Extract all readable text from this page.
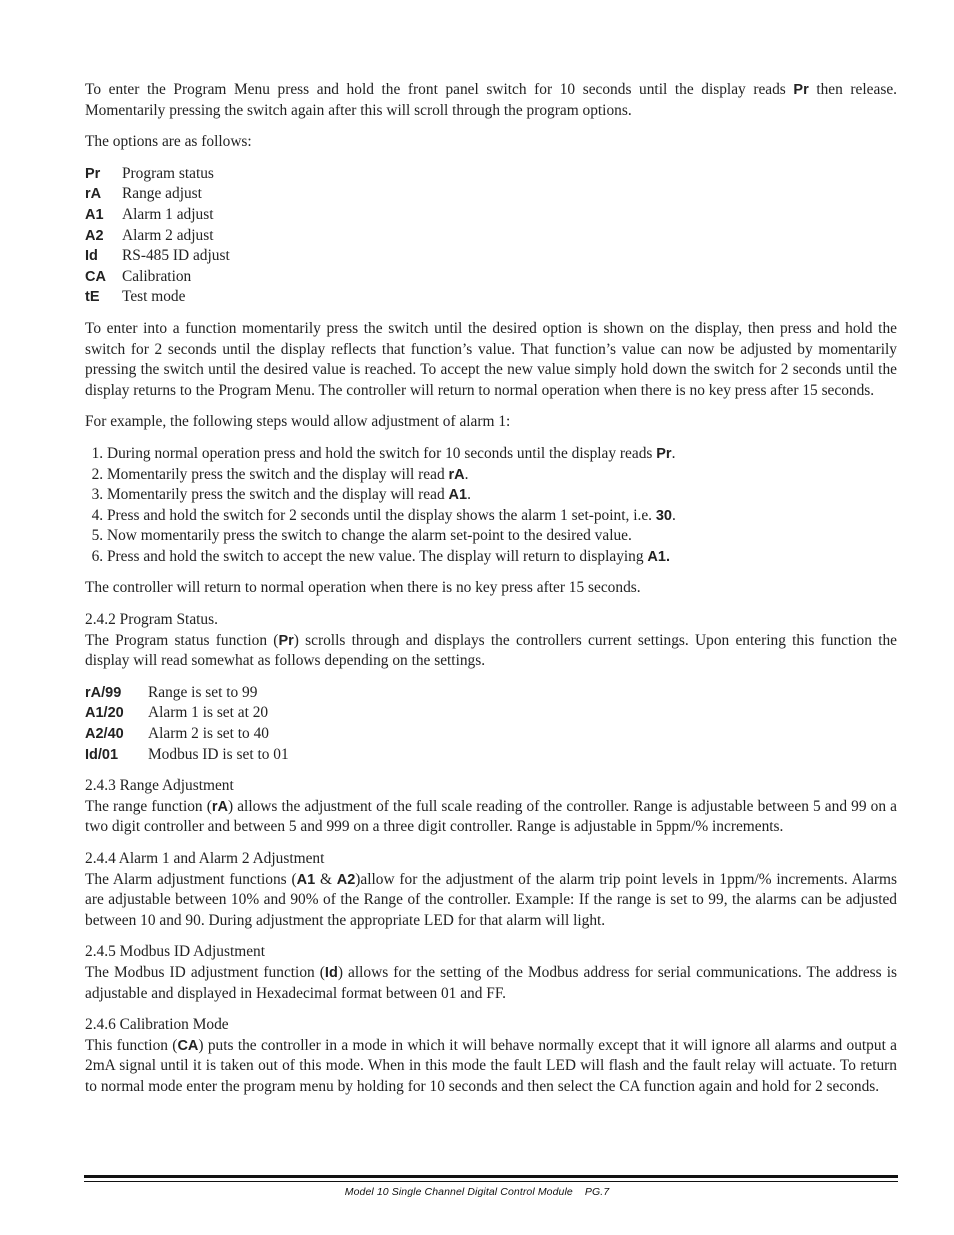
To enter the Program Menu press and hold the front panel switch for 10 seconds until the display reads Pr then release. Momentarily pressing the switch again after this will scroll through the program options.

The options are as follows:

Pr	Program status
rA	Range adjust
A1	Alarm 1 adjust
A2	Alarm 2 adjust
Id	RS-485 ID adjust
CA	Calibration
tE	Test mode

To enter into a function momentarily press the switch until the desired option is shown on the display, then press and hold the switch for 2 seconds until the display reflects that function’s value. That function’s value can now be adjusted by momentarily pressing the switch until the desired value is reached. To accept the new value simply hold down the switch for 2 seconds until the display returns to the Program Menu. The controller will return to normal operation when there is no key press after 15 seconds.

For example, the following steps would allow adjustment of alarm 1:

1. During normal operation press and hold the switch for 10 seconds until the display reads Pr.
2. Momentarily press the switch and the display will read rA.
3. Momentarily press the switch and the display will read A1.
4. Press and hold the switch for 2 seconds until the display shows the alarm 1 set-point, i.e. 30.
5. Now momentarily press the switch to change the alarm set-point to the desired value.
6. Press and hold the switch to accept the new value. The display will return to displaying A1.

The controller will return to normal operation when there is no key press after 15 seconds.

2.4.2 Program Status.

The Program status function (Pr) scrolls through and displays the controllers current settings. Upon entering this function the display will read somewhat as follows depending on the settings.

rA/99	Range is set to 99
A1/20	Alarm 1 is set at 20
A2/40	Alarm 2 is set to 40
Id/01	Modbus ID is set to 01
2.4.3 Range Adjustment

The range function (rA) allows the adjustment of the full scale reading of the controller. Range is adjustable between 5 and 99 on a two digit controller and between 5 and 999 on a three digit controller. Range is adjustable in 5ppm/% increments.

2.4.4 Alarm 1 and Alarm 2 Adjustment

The Alarm adjustment functions (A1 & A2)allow for the adjustment of the alarm trip point levels in 1ppm/% increments. Alarms are adjustable between 10% and 90% of the Range of the controller. Example: If the range is set to 99, the alarms can be adjusted between 10 and 90. During adjustment the appropriate LED for that alarm will light.

2.4.5 Modbus ID Adjustment

The Modbus ID adjustment function (Id) allows for the setting of the Modbus address for serial communications. The address is adjustable and displayed in Hexadecimal format between 01 and FF.

2.4.6 Calibration Mode

This function (CA) puts the controller in a mode in which it will behave normally except that it will ignore all alarms and output a 2mA signal until it is taken out of this mode. When in this mode the fault LED will flash and the fault relay will actuate. To return to normal mode enter the program menu by holding for 10 seconds and then select the CA function again and hold for 2 seconds.

Model 10 Single Channel Digital Control Module    PG.7
